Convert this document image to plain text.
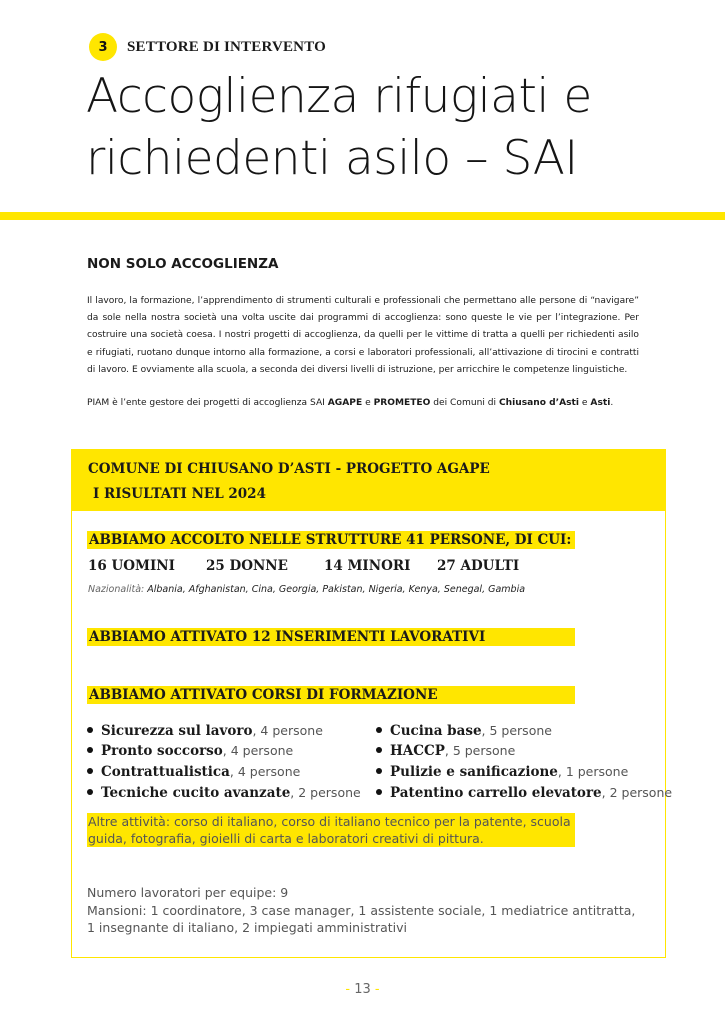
3	SETTORE DI INTERVENTO
Accoglienza rifugiati e
richiedenti asilo – SAI
NON SOLO ACCOGLIENZA
Il lavoro, la formazione, l’apprendimento di strumenti culturali e professionali che permettano alle persone di “navigare” da sole nella nostra società una volta uscite dai programmi di accoglienza: sono queste le vie per l’integrazione. Per costruire una società coesa. I nostri progetti di accoglienza, da quelli per le vittime di tratta a quelli per richiedenti asilo e rifugiati, ruotano dunque intorno alla formazione, a corsi e laboratori professionali, all’attivazione di tirocini e contratti di lavoro. E ovviamente alla scuola, a seconda dei diversi livelli di istruzione, per arricchire le competenze linguistiche.
PIAM è l’ente gestore dei progetti di accoglienza SAI AGAPE e PROMETEO dei Comuni di Chiusano d’Asti e Asti.
COMUNE DI CHIUSANO D’ASTI - PROGETTO AGAPE
I RISULTATI NEL 2024
ABBIAMO ACCOLTO NELLE STRUTTURE 41 PERSONE, DI CUI:
16 UOMINI 25 DONNE	14 MINORI 27 ADULTI
Nazionalità: Albania, Afghanistan, Cina, Georgia, Pakistan, Nigeria, Kenya, Senegal, Gambia
ABBIAMO ATTIVATO 12 INSERIMENTI LAVORATIVI
ABBIAMO ATTIVATO CORSI DI FORMAZIONE
Sicurezza sul lavoro, 4 persone
Pronto soccorso, 4 persone
Contrattualistica, 4 persone
Tecniche cucito avanzate, 2 persone
Cucina base, 5 persone
HACCP, 5 persone
Pulizie e sanificazione, 1 persone
Patentino carrello elevatore, 2 persone
Altre attività: corso di italiano, corso di italiano tecnico per la patente, scuola
guida, fotografia, gioielli di carta e laboratori creativi di pittura.
Numero lavoratori per equipe: 9
Mansioni: 1 coordinatore, 3 case manager, 1 assistente sociale, 1 mediatrice antitratta,
1 insegnante di italiano, 2 impiegati amministrativi
- 13 -
